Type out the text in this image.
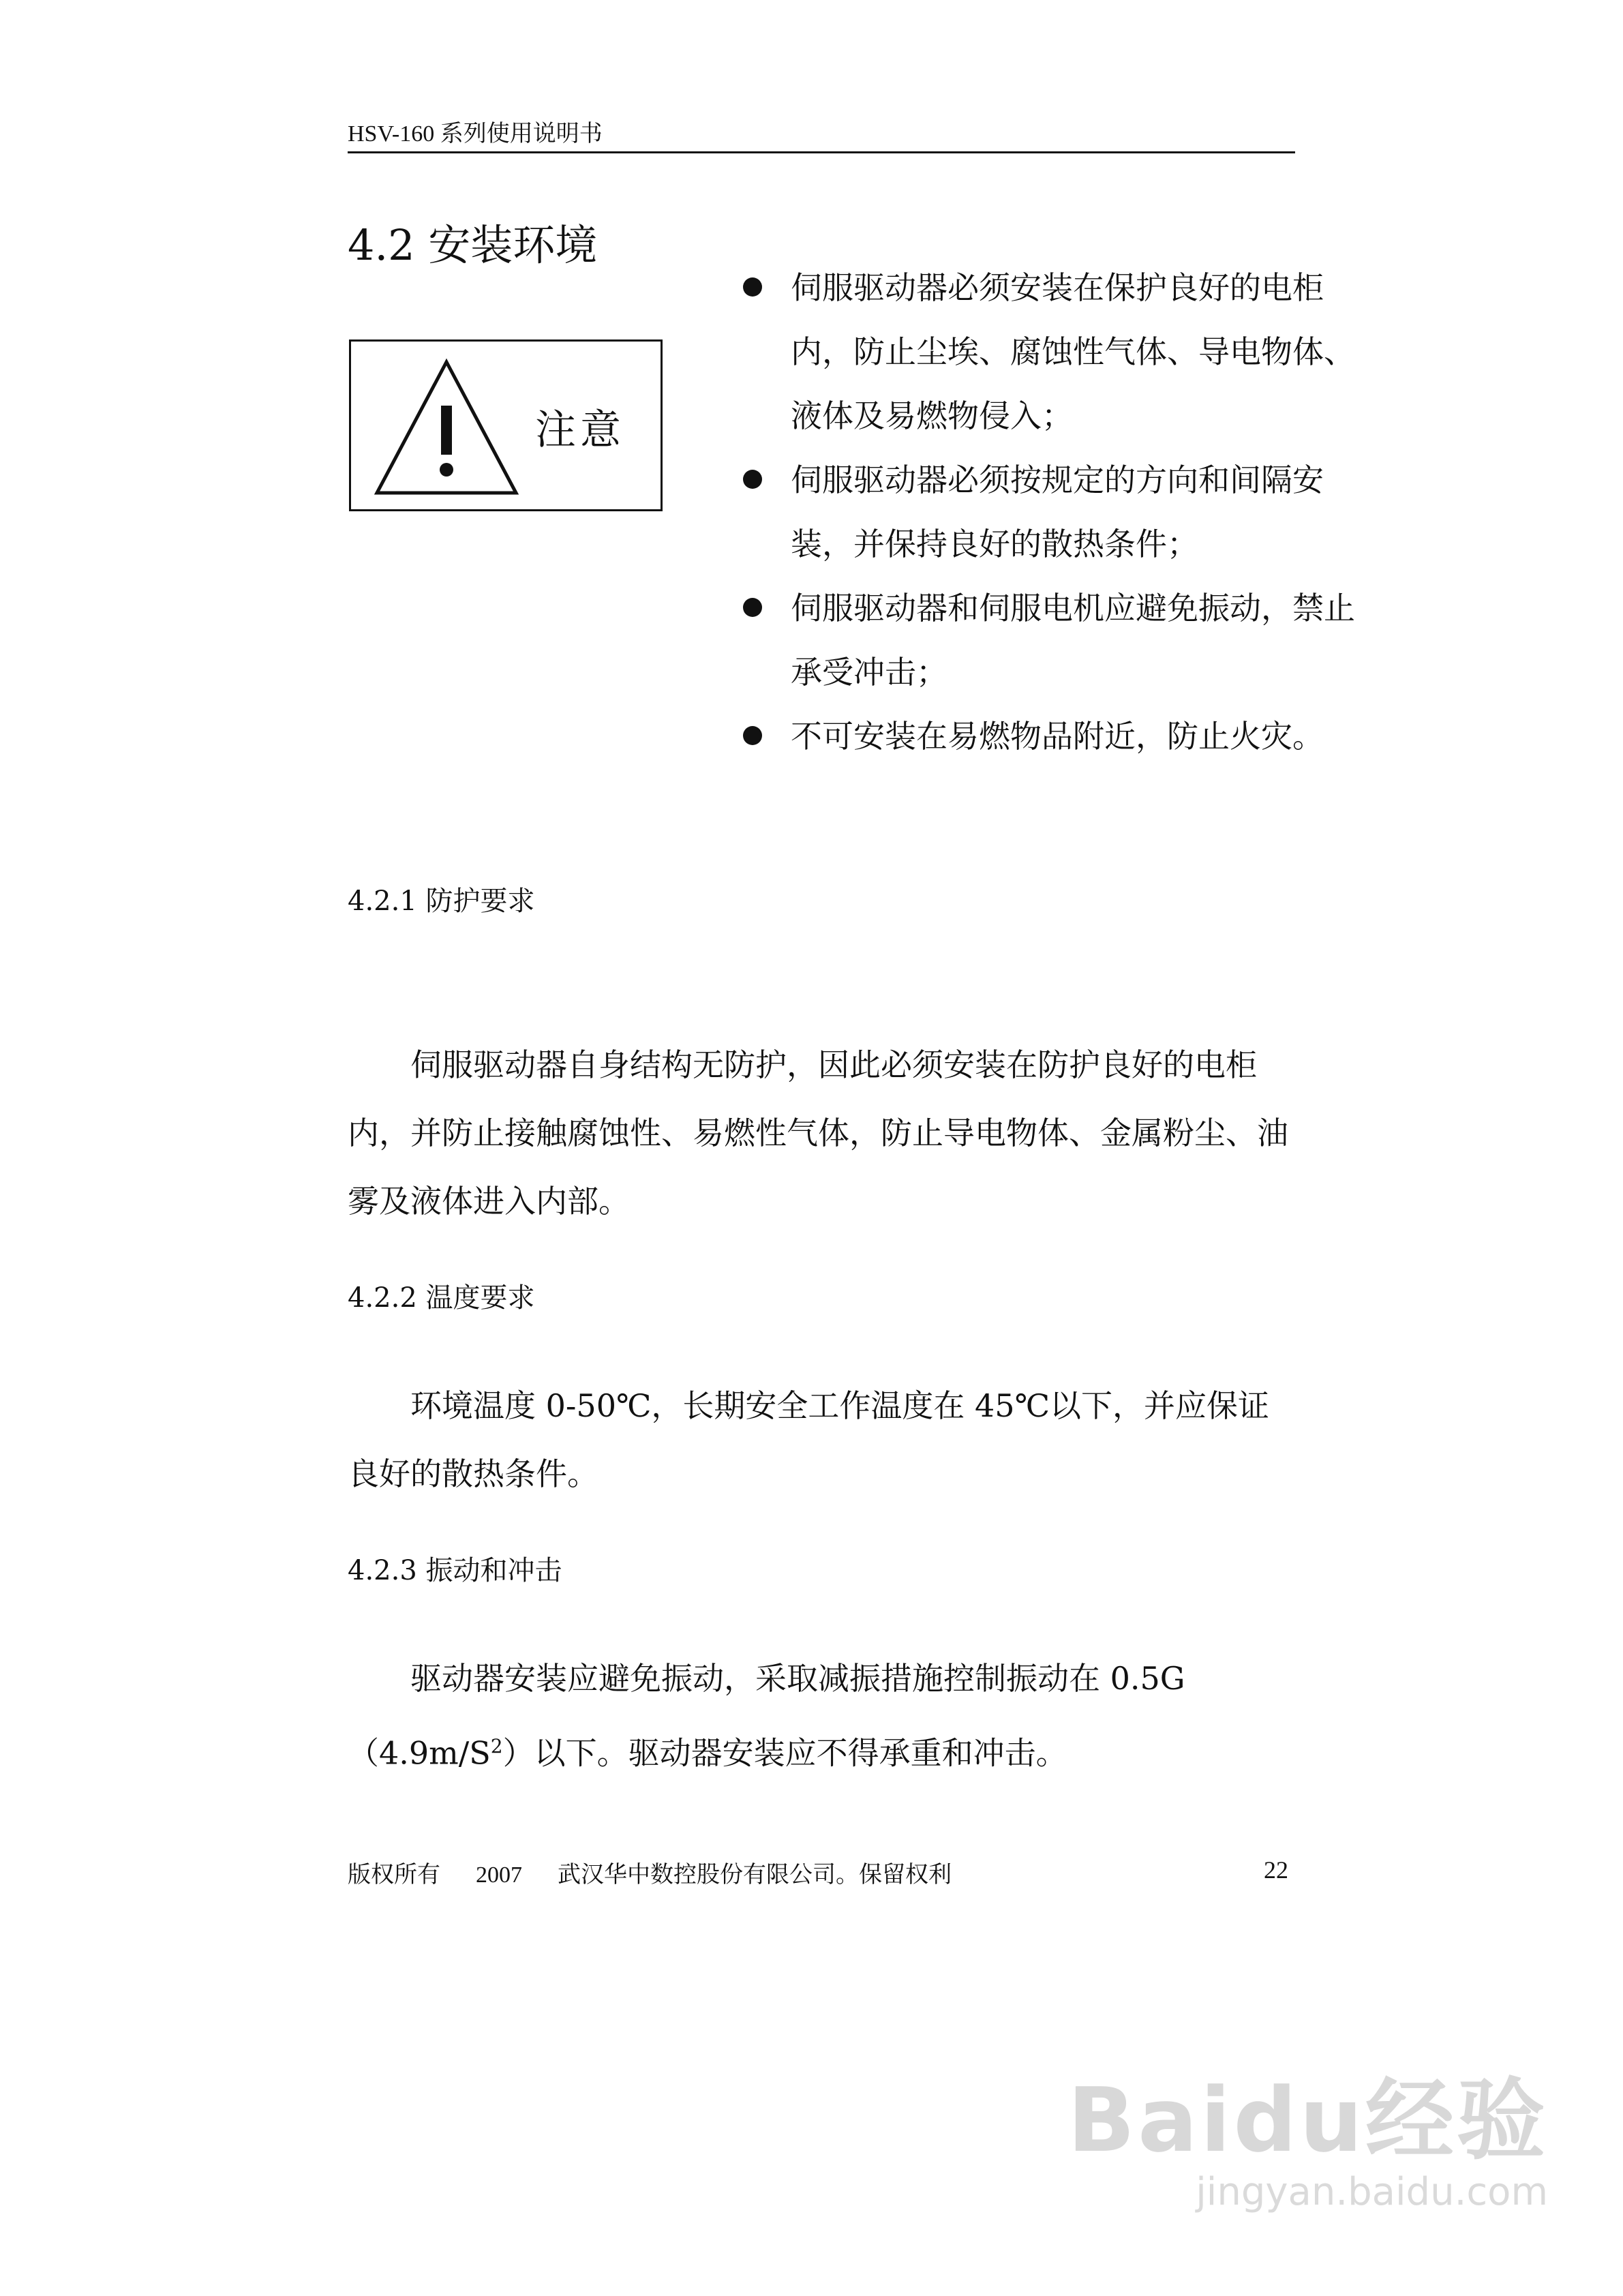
HSV-160 系列使用说明书
4.2 安装环境
注意
伺服驱动器必须安装在保护良好的电柜内，防止尘埃、腐蚀性气体、导电物体、液体及易燃物侵入；
伺服驱动器必须按规定的方向和间隔安装，并保持良好的散热条件；
伺服驱动器和伺服电机应避免振动，禁止承受冲击；
不可安装在易燃物品附近，防止火灾。
4.2.1 防护要求
伺服驱动器自身结构无防护，因此必须安装在防护良好的电柜内，并防止接触腐蚀性、易燃性气体，防止导电物体、金属粉尘、油雾及液体进入内部。
4.2.2 温度要求
环境温度 0-50℃，长期安全工作温度在 45℃以下，并应保证良好的散热条件。
4.2.3 振动和冲击
驱动器安装应避免振动，采取减振措施控制振动在 0.5G $(4.9m/S^2)$以下。驱动器安装应不得承重和冲击。
版权所有 2007 武汉华中数控股份有限公司。保留权利	22
Baidu经验
jingyan.baidu.com
